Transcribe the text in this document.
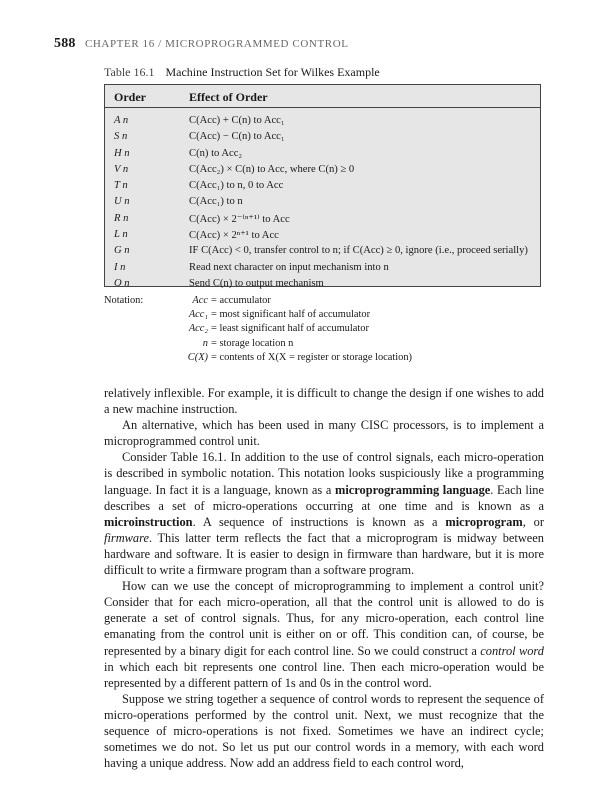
588 CHAPTER 16 / MICROPROGRAMMED CONTROL
Table 16.1 Machine Instruction Set for Wilkes Example
Order	Effect of Order
A n	C(Acc) + C(n) to Acc₁
S n	C(Acc) − C(n) to Acc₁
H n	C(n) to Acc₂
V n	C(Acc₂) × C(n) to Acc, where C(n) ≥ 0
T n	C(Acc₁) to n, 0 to Acc
U n	C(Acc₁) to n
R n	C(Acc) × 2⁻⁽ⁿ⁺¹⁾ to Acc
L n	C(Acc) × 2ⁿ⁺¹ to Acc
G n	IF C(Acc) < 0, transfer control to n; if C(Acc) ≥ 0, ignore (i.e., proceed serially)
I n	Read next character on input mechanism into n
O n	Send C(n) to output mechanism
Notation:	Acc = accumulator
Acc₁ = most significant half of accumulator
Acc₂ = least significant half of accumulator
n = storage location n
C(X) = contents of X(X = register or storage location)

relatively inflexible. For example, it is difficult to change the design if one wishes to add a new machine instruction.

An alternative, which has been used in many CISC processors, is to implement a microprogrammed control unit.

Consider Table 16.1. In addition to the use of control signals, each micro-operation is described in symbolic notation. This notation looks suspiciously like a programming language. In fact it is a language, known as a microprogramming language. Each line describes a set of micro-operations occurring at one time and is known as a microinstruction. A sequence of instructions is known as a microprogram, or firmware. This latter term reflects the fact that a microprogram is midway between hardware and software. It is easier to design in firmware than hardware, but it is more difficult to write a firmware program than a software program.

How can we use the concept of microprogramming to implement a control unit? Consider that for each micro-operation, all that the control unit is allowed to do is generate a set of control signals. Thus, for any micro-operation, each control line emanating from the control unit is either on or off. This condition can, of course, be represented by a binary digit for each control line. So we could construct a control word in which each bit represents one control line. Then each micro-operation would be represented by a different pattern of 1s and 0s in the control word.

Suppose we string together a sequence of control words to represent the sequence of micro-operations performed by the control unit. Next, we must recognize that the sequence of micro-operations is not fixed. Sometimes we have an indirect cycle; sometimes we do not. So let us put our control words in a memory, with each word having a unique address. Now add an address field to each control word,
